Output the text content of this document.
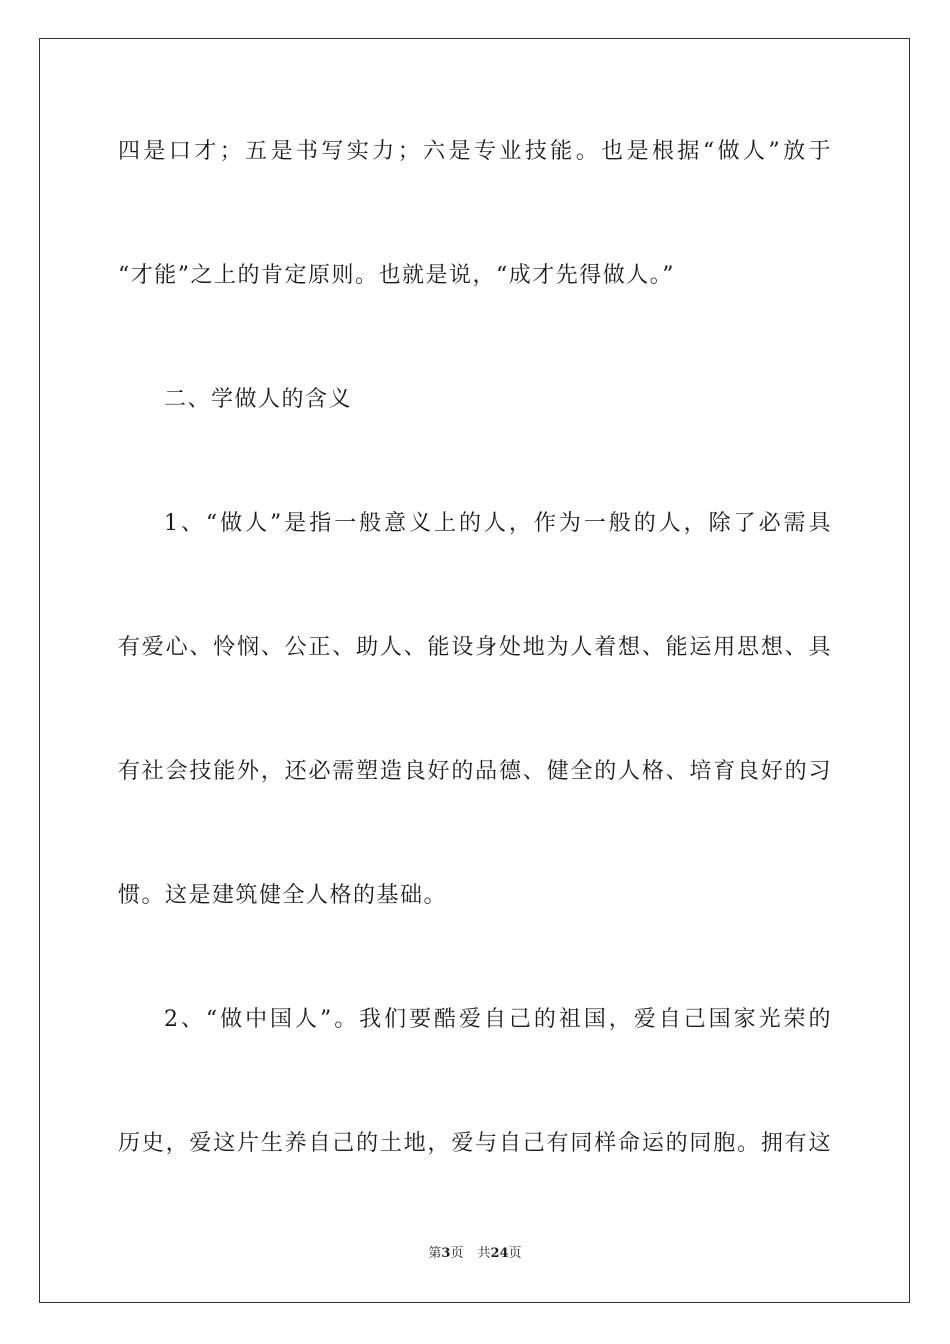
四是口才；五是书写实力；六是专业技能。也是根据“做人”放于
“才能”之上的肯定原则。也就是说，“成才先得做人。”
二、学做人的含义
1、“做人”是指一般意义上的人，作为一般的人，除了必需具
有爱心、怜悯、公正、助人、能设身处地为人着想、能运用思想、具
有社会技能外，还必需塑造良好的品德、健全的人格、培育良好的习
惯。这是建筑健全人格的基础。
2、“做中国人”。我们要酷爱自己的祖国，爱自己国家光荣的
历史，爱这片生养自己的土地，爱与自己有同样命运的同胞。拥有这
第3页 共24页
